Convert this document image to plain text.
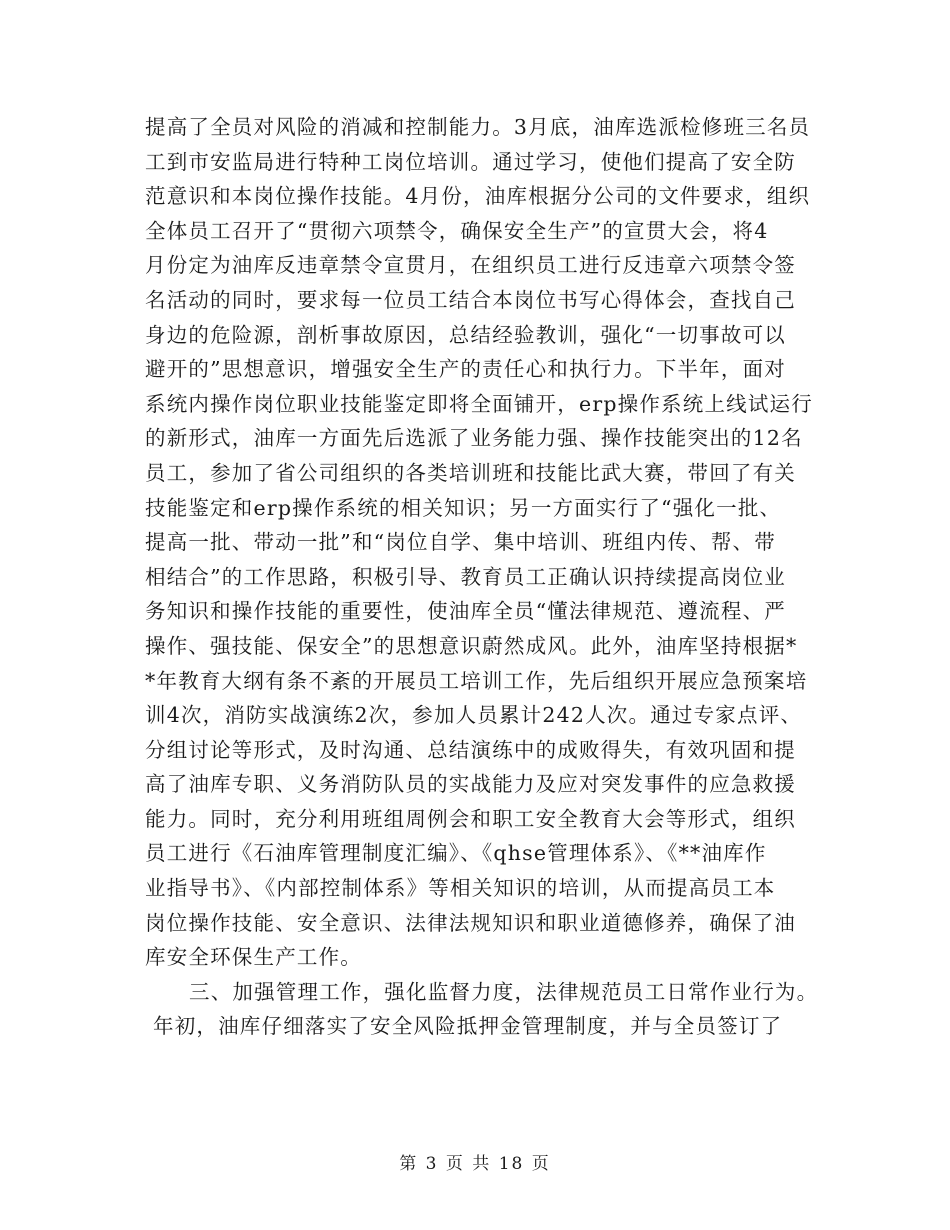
提高了全员对风险的消减和控制能力。3月底，油库选派检修班三名员
工到市安监局进行特种工岗位培训。通过学习，使他们提高了安全防
范意识和本岗位操作技能。4月份，油库根据分公司的文件要求，组织
全体员工召开了“贯彻六项禁令，确保安全生产”的宣贯大会，将4
月份定为油库反违章禁令宣贯月，在组织员工进行反违章六项禁令签
名活动的同时，要求每一位员工结合本岗位书写心得体会，查找自己
身边的危险源，剖析事故原因，总结经验教训，强化“一切事故可以
避开的”思想意识，增强安全生产的责任心和执行力。下半年，面对
系统内操作岗位职业技能鉴定即将全面铺开，erp操作系统上线试运行
的新形式，油库一方面先后选派了业务能力强、操作技能突出的12名
员工，参加了省公司组织的各类培训班和技能比武大赛，带回了有关
技能鉴定和erp操作系统的相关知识；另一方面实行了“强化一批、
提高一批、带动一批”和“岗位自学、集中培训、班组内传、帮、带
相结合”的工作思路，积极引导、教育员工正确认识持续提高岗位业
务知识和操作技能的重要性，使油库全员“懂法律规范、遵流程、严
操作、强技能、保安全”的思想意识蔚然成风。此外，油库坚持根据*
*年教育大纲有条不紊的开展员工培训工作，先后组织开展应急预案培
训4次，消防实战演练2次，参加人员累计242人次。通过专家点评、
分组讨论等形式，及时沟通、总结演练中的成败得失，有效巩固和提
高了油库专职、义务消防队员的实战能力及应对突发事件的应急救援
能力。同时，充分利用班组周例会和职工安全教育大会等形式，组织
员工进行《石油库管理制度汇编》、《qhse管理体系》、《**油库作
业指导书》、《内部控制体系》等相关知识的培训，从而提高员工本
岗位操作技能、安全意识、法律法规知识和职业道德修养，确保了油
库安全环保生产工作。
三、加强管理工作，强化监督力度，法律规范员工日常作业行为。
年初，油库仔细落实了安全风险抵押金管理制度，并与全员签订了
第 3 页 共 18 页
